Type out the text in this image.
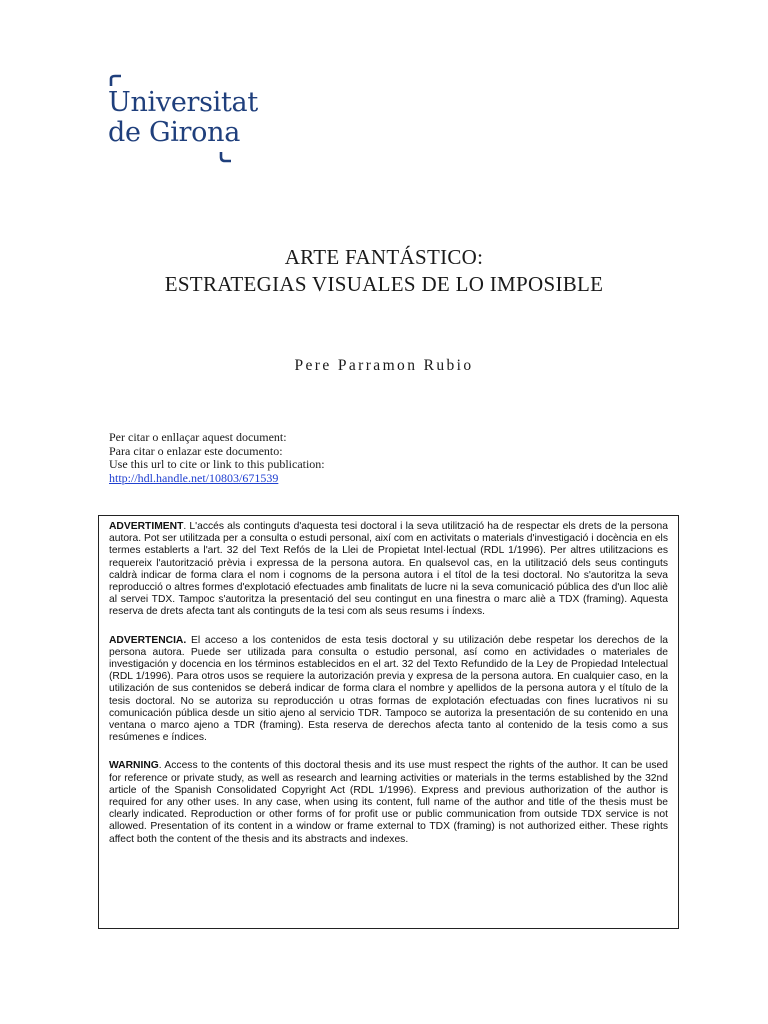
Universitat
de Girona
ARTE FANTÁSTICO:
ESTRATEGIAS VISUALES DE LO IMPOSIBLE
Pere Parramon Rubio
Per citar o enllaçar aquest document:
Para citar o enlazar este documento:
Use this url to cite or link to this publication:
http://hdl.handle.net/10803/671539

ADVERTIMENT. L'accés als continguts d'aquesta tesi doctoral i la seva utilització ha de respectar els drets de la persona autora. Pot ser utilitzada per a consulta o estudi personal, així com en activitats o materials d'investigació i docència en els termes establerts a l'art. 32 del Text Refós de la Llei de Propietat Intel·lectual (RDL 1/1996). Per altres utilitzacions es requereix l'autorització prèvia i expressa de la persona autora. En qualsevol cas, en la utilització dels seus continguts caldrà indicar de forma clara el nom i cognoms de la persona autora i el títol de la tesi doctoral. No s'autoritza la seva reproducció o altres formes d'explotació efectuades amb finalitats de lucre ni la seva comunicació pública des d'un lloc aliè al servei TDX. Tampoc s'autoritza la presentació del seu contingut en una finestra o marc aliè a TDX (framing). Aquesta reserva de drets afecta tant als continguts de la tesi com als seus resums i índexs.

ADVERTENCIA. El acceso a los contenidos de esta tesis doctoral y su utilización debe respetar los derechos de la persona autora. Puede ser utilizada para consulta o estudio personal, así como en actividades o materiales de investigación y docencia en los términos establecidos en el art. 32 del Texto Refundido de la Ley de Propiedad Intelectual (RDL 1/1996). Para otros usos se requiere la autorización previa y expresa de la persona autora. En cualquier caso, en la utilización de sus contenidos se deberá indicar de forma clara el nombre y apellidos de la persona autora y el título de la tesis doctoral. No se autoriza su reproducción u otras formas de explotación efectuadas con fines lucrativos ni su comunicación pública desde un sitio ajeno al servicio TDR. Tampoco se autoriza la presentación de su contenido en una ventana o marco ajeno a TDR (framing). Esta reserva de derechos afecta tanto al contenido de la tesis como a sus resúmenes e índices.

WARNING. Access to the contents of this doctoral thesis and its use must respect the rights of the author. It can be used for reference or private study, as well as research and learning activities or materials in the terms established by the 32nd article of the Spanish Consolidated Copyright Act (RDL 1/1996). Express and previous authorization of the author is required for any other uses. In any case, when using its content, full name of the author and title of the thesis must be clearly indicated. Reproduction or other forms of for profit use or public communication from outside TDX service is not allowed. Presentation of its content in a window or frame external to TDX (framing) is not authorized either. These rights affect both the content of the thesis and its abstracts and indexes.
